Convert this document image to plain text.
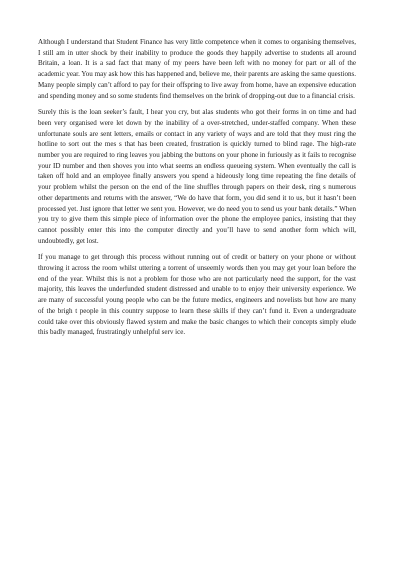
Although I understand that Student Finance has very little competence when it comes to organising themselves, I still am in utter shock by their inability to produce the goods they happily advertise to students all around Britain, a loan. It is a sad fact that many of my peers have been left with no money for part or all of the academic year. You may ask how this has happened and, believe me, their parents are asking the same questions. Many people simply can’t afford to pay for their offspring to live away from home, have an expensive education and spending money and so some students find themselves on the brink of dropping-out due to a financial crisis.

Surely this is the loan seeker’s fault, I hear you cry, but alas students who got their forms in on time and had been very organised were let down by the inability of a over-stretched, under-staffed company. When these unfortunate souls are sent letters, emails or contact in any variety of ways and are told that they must ring the hotline to sort out the mes s that has been created, frustration is quickly turned to blind rage. The high-rate number you are required to ring leaves you jabbing the buttons on your phone in furiously as it fails to recognise your ID number and then shoves you into what seems an endless queueing system. When eventually the call is taken off hold and an employee finally answers you spend a hideously long time repeating the fine details of your problem whilst the person on the end of the line shuffles through papers on their desk, ring s numerous other departments and returns with the answer, “We do have that form, you did send it to us, but it hasn’t been processed yet. Just ignore that letter we sent you. However, we do need you to send us your bank details.” When you try to give them this simple piece of information over the phone the employee panics, insisting that they cannot possibly enter this into the computer directly and you’ll have to send another form which will, undoubtedly, get lost.

If you manage to get through this process without running out of credit or battery on your phone or without throwing it across the room whilst uttering a torrent of unseemly words then you may get your loan before the end of the year. Whilst this is not a problem for those who are not particularly need the support, for the vast majority, this leaves the underfunded student distressed and unable to to enjoy their university experience. We are many of successful young people who can be the future medics, engineers and novelists but how are many of the brigh t people in this country suppose to learn these skills if they can’t fund it. Even a undergraduate could take over this obviously flawed system and make the basic changes to which their concepts simply elude this badly managed, frustratingly unhelpful serv ice.
